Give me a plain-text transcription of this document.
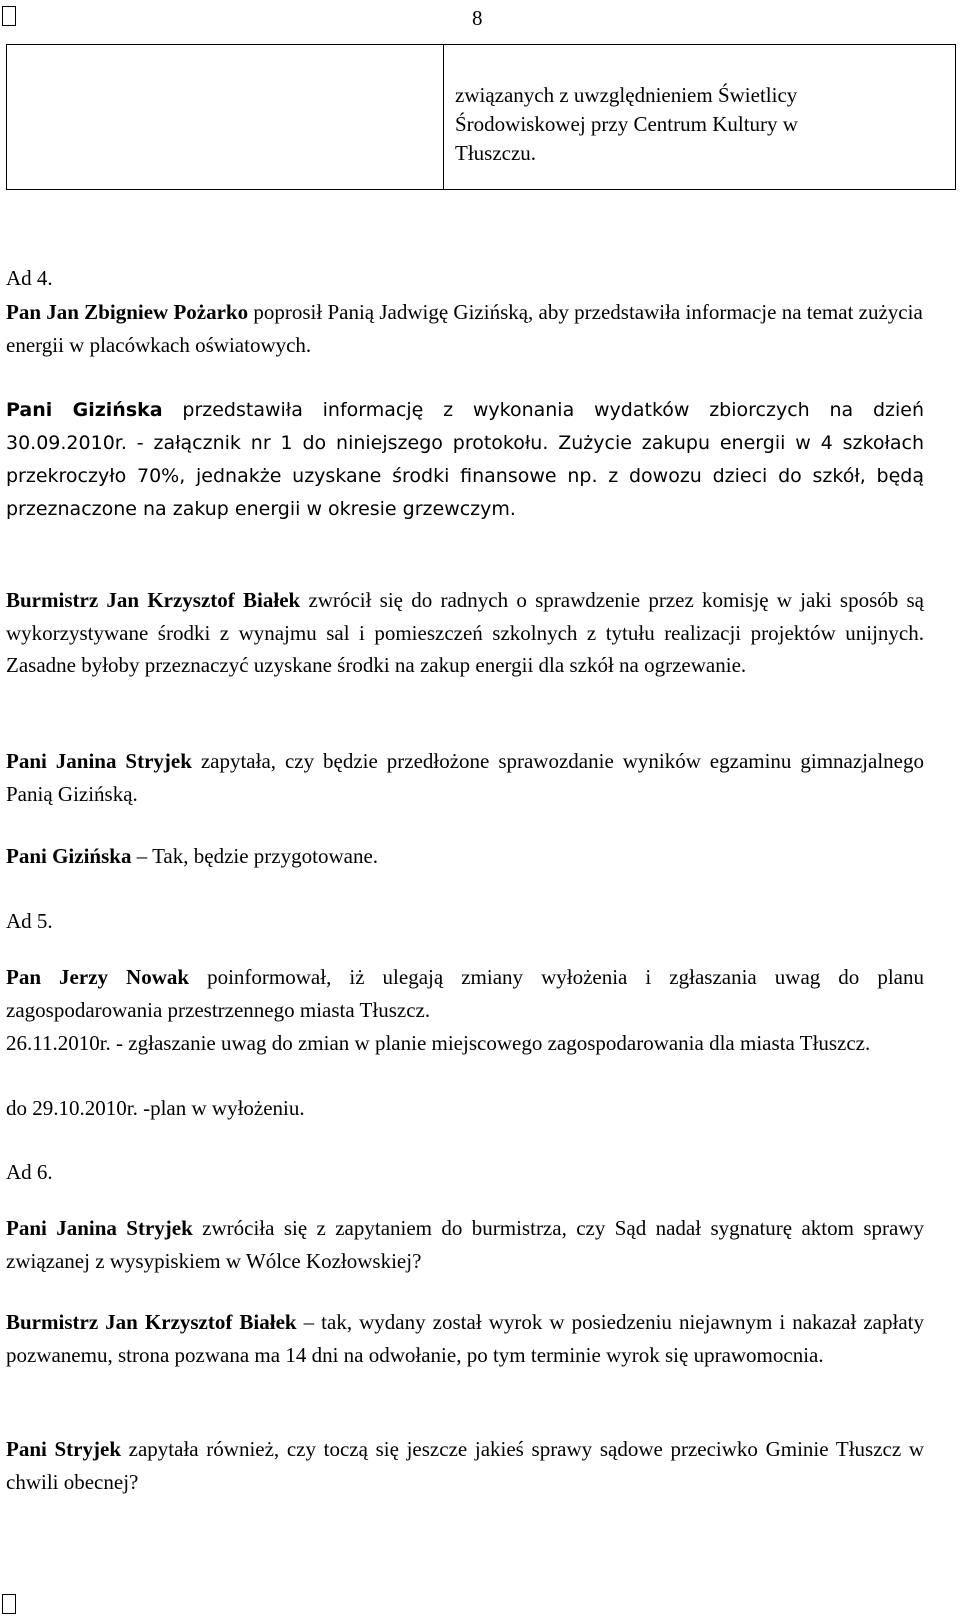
8
związanych z uwzględnieniem Świetlicy Środowiskowej przy Centrum Kultury w Tłuszczu.
Ad 4.
Pan Jan Zbigniew Pożarko poprosił Panią Jadwigę Gizińską, aby przedstawiła informacje na temat zużycia energii w placówkach oświatowych.
Pani Gizińska przedstawiła informację z wykonania wydatków zbiorczych na dzień 30.09.2010r. - załącznik nr 1 do niniejszego protokołu. Zużycie zakupu energii w 4 szkołach przekroczyło 70%, jednakże uzyskane środki finansowe np. z dowozu dzieci do szkół, będą przeznaczone na zakup energii w okresie grzewczym.
Burmistrz Jan Krzysztof Białek zwrócił się do radnych o sprawdzenie przez komisję w jaki sposób są wykorzystywane środki z wynajmu sal i pomieszczeń szkolnych z tytułu realizacji projektów unijnych. Zasadne byłoby przeznaczyć uzyskane środki na zakup energii dla szkół na ogrzewanie.
Pani Janina Stryjek zapytała, czy będzie przedłożone sprawozdanie wyników egzaminu gimnazjalnego Panią Gizińską.
Pani Gizińska – Tak, będzie przygotowane.
Ad 5.
Pan Jerzy Nowak poinformował, iż ulegają zmiany wyłożenia i zgłaszania uwag do planu zagospodarowania przestrzennego miasta Tłuszcz.
26.11.2010r. - zgłaszanie uwag do zmian w planie miejscowego zagospodarowania dla miasta Tłuszcz.
do 29.10.2010r. -plan w wyłożeniu.
Ad 6.
Pani Janina Stryjek zwróciła się z zapytaniem do burmistrza, czy Sąd nadał sygnaturę aktom sprawy związanej z wysypiskiem w Wólce Kozłowskiej?
Burmistrz Jan Krzysztof Białek – tak, wydany został wyrok w posiedzeniu niejawnym i nakazał zapłaty pozwanemu, strona pozwana ma 14 dni na odwołanie, po tym terminie wyrok się uprawomocnia.
Pani Stryjek zapytała również, czy toczą się jeszcze jakieś sprawy sądowe przeciwko Gminie Tłuszcz w chwili obecnej?
